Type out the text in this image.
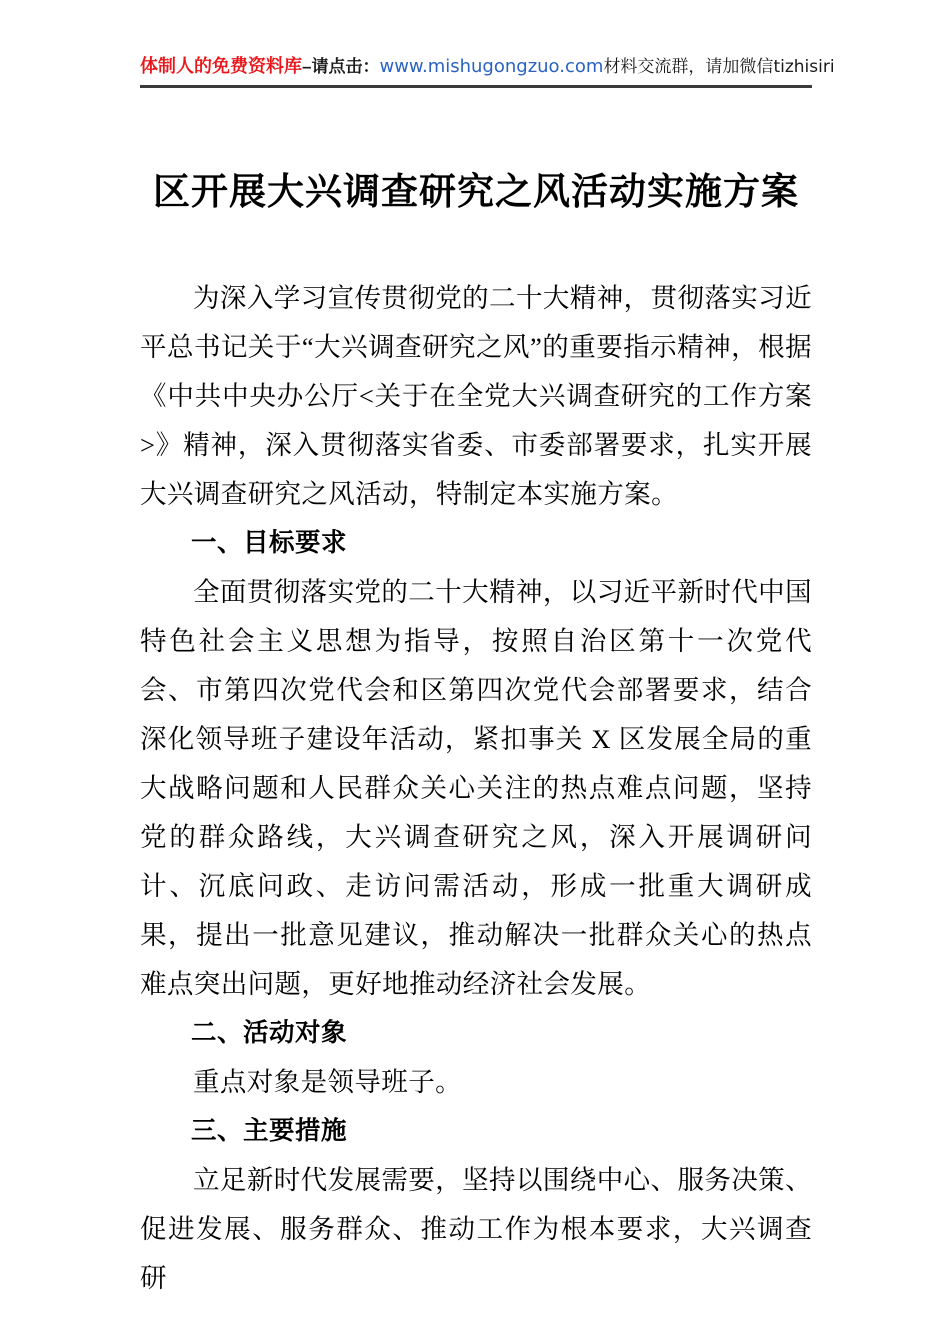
体制人的免费资料库–请点击：www.mishugongzuo.com材料交流群，请加微信tizhisiri
区开展大兴调查研究之风活动实施方案

为深入学习宣传贯彻党的二十大精神，贯彻落实习近平总书记关于“大兴调查研究之风”的重要指示精神，根据《中共中央办公厅<关于在全党大兴调查研究的工作方案>》精神，深入贯彻落实省委、市委部署要求，扎实开展大兴调查研究之风活动，特制定本实施方案。

一、目标要求

全面贯彻落实党的二十大精神，以习近平新时代中国特色社会主义思想为指导，按照自治区第十一次党代会、市第四次党代会和区第四次党代会部署要求，结合深化领导班子建设年活动，紧扣事关 X 区发展全局的重大战略问题和人民群众关心关注的热点难点问题，坚持党的群众路线，大兴调查研究之风，深入开展调研问计、沉底问政、走访问需活动，形成一批重大调研成果，提出一批意见建议，推动解决一批群众关心的热点难点突出问题，更好地推动经济社会发展。

二、活动对象

重点对象是领导班子。

三、主要措施

立足新时代发展需要，坚持以围绕中心、服务决策、促进发展、服务群众、推动工作为根本要求，大兴调查研
